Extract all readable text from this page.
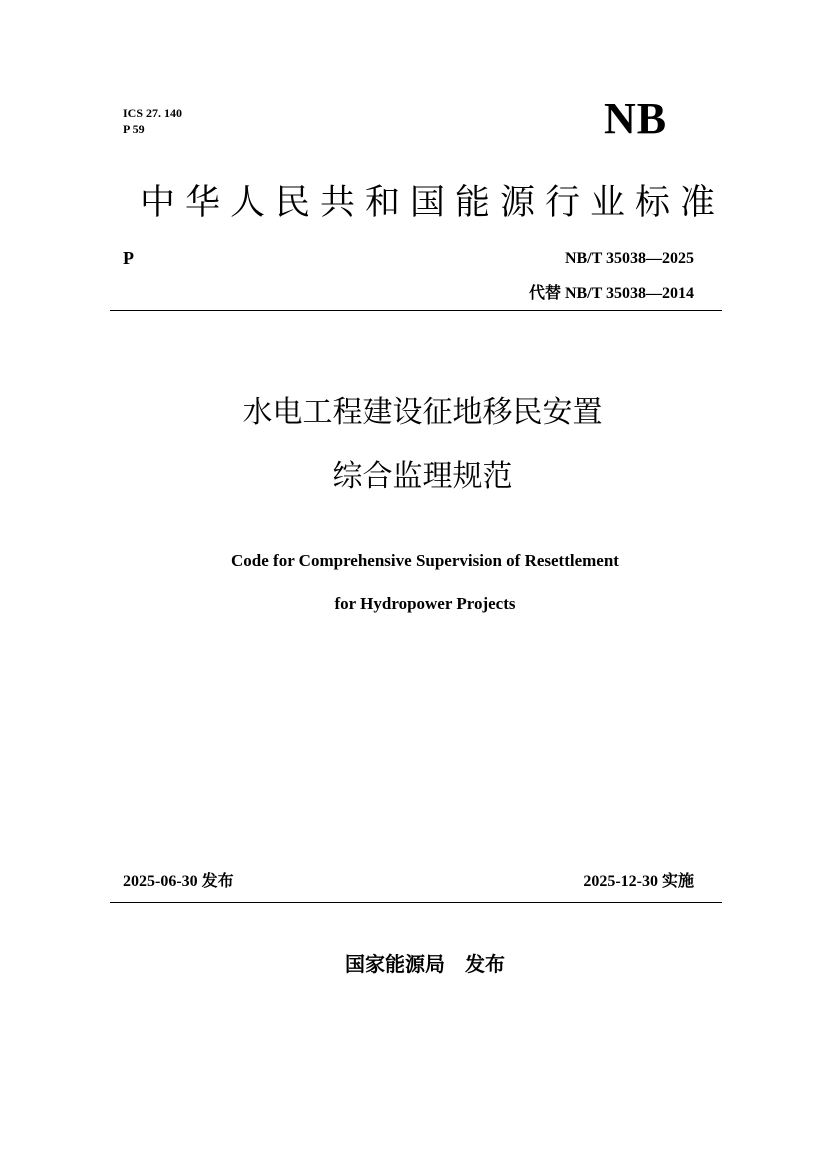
ICS 27. 140
P 59	NB
中华人民共和国能源行业标准
P	NB/T 35038—2025
代替 NB/T 35038—2014
水电工程建设征地移民安置
综合监理规范
Code for Comprehensive Supervision of Resettlement
for Hydropower Projects
2025-06-30 发布	2025-12-30 实施
国家能源局　发布
